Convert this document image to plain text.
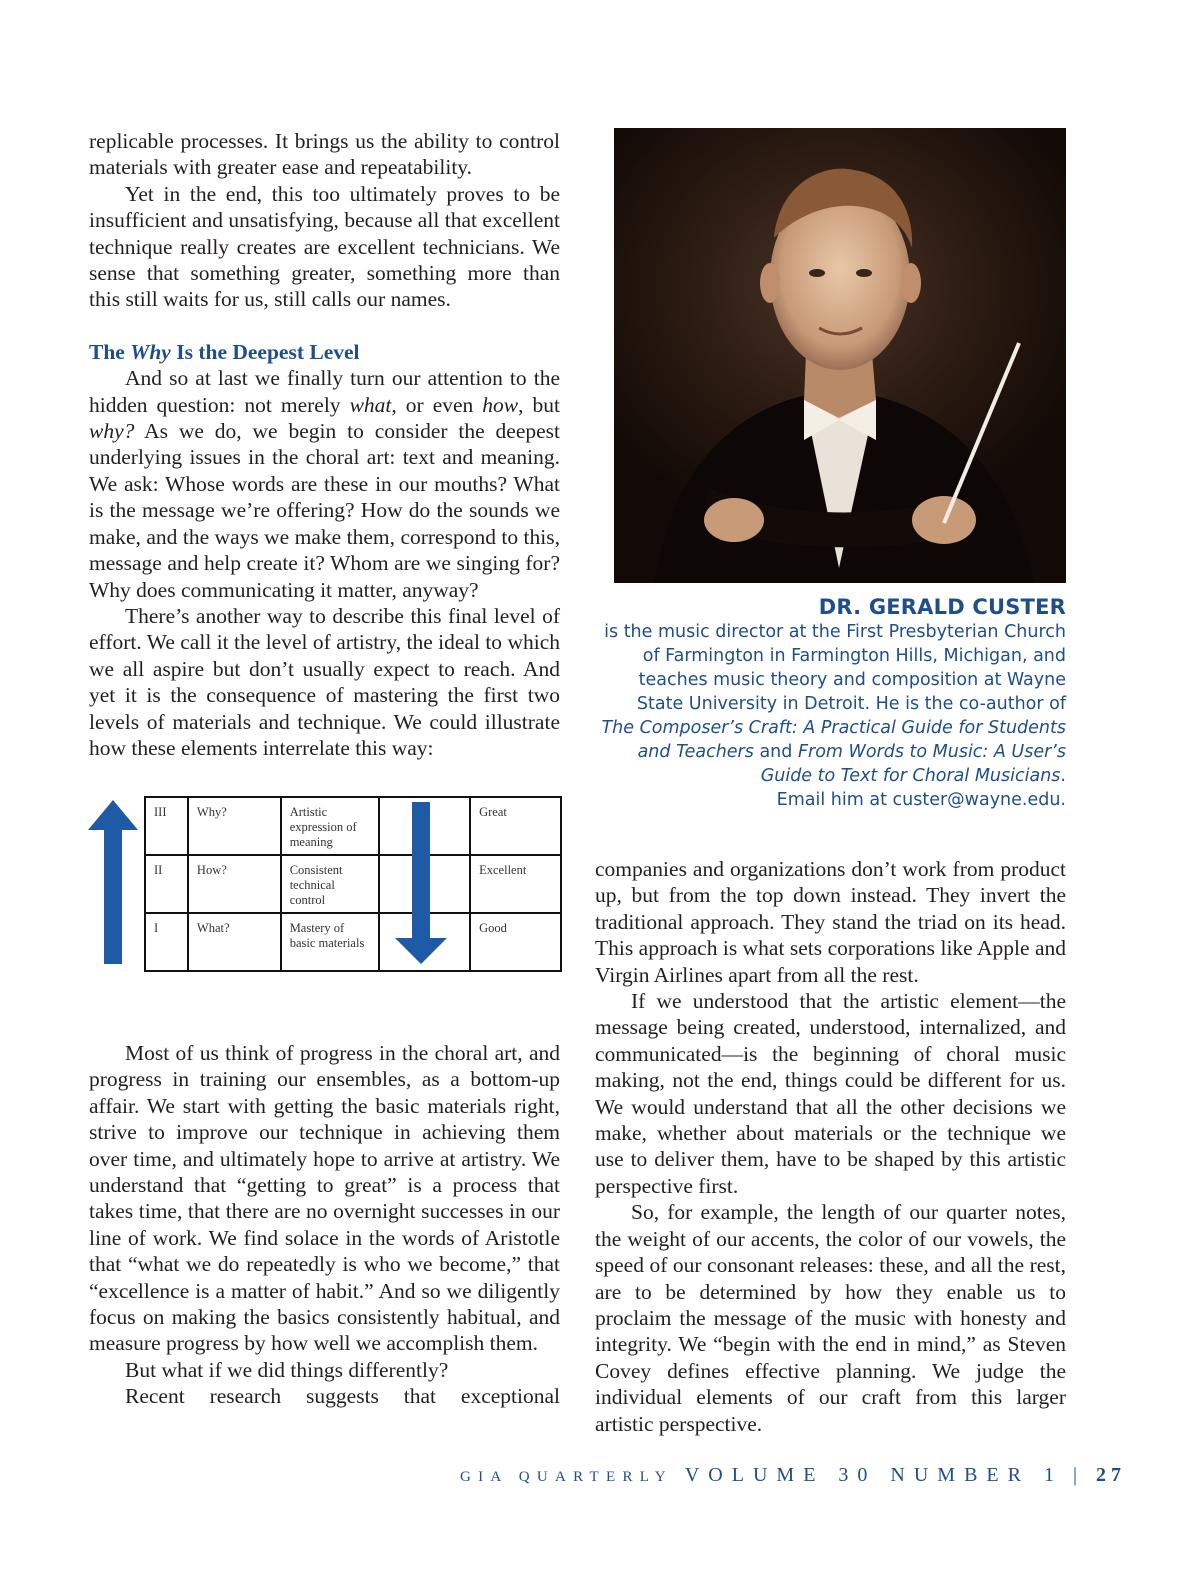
replicable processes. It brings us the ability to control materials with greater ease and repeatability.

Yet in the end, this too ultimately proves to be insufficient and unsatisfying, because all that excellent technique really creates are excellent technicians. We sense that something greater, something more than this still waits for us, still calls our names.

The Why Is the Deepest Level

And so at last we finally turn our attention to the hidden question: not merely what, or even how, but why? As we do, we begin to consider the deepest underlying issues in the choral art: text and meaning. We ask: Whose words are these in our mouths? What is the message we’re offering? How do the sounds we make, and the ways we make them, correspond to this, message and help create it? Whom are we singing for? Why does communicating it matter, anyway?

There’s another way to describe this final level of effort. We call it the level of artistry, the ideal to which we all aspire but don’t usually expect to reach. And yet it is the consequence of mastering the first two levels of materials and technique. We could illustrate how these elements interrelate this way:

III	Why?	Artistic expression of meaning		Great
II	How?	Consistent technical control		Excellent
I	What?	Mastery of basic materials		Good

Most of us think of progress in the choral art, and progress in training our ensembles, as a bottom-up affair. We start with getting the basic materials right, strive to improve our technique in achieving them over time, and ultimately hope to arrive at artistry. We understand that “getting to great” is a process that takes time, that there are no overnight successes in our line of work. We find solace in the words of Aristotle that “what we do repeatedly is who we become,” that “excellence is a matter of habit.” And so we diligently focus on making the basics consistently habitual, and measure progress by how well we accomplish them.

But what if we did things differently?

Recent research suggests that exceptional

DR. GERALD CUSTER
is the music director at the First Presbyterian Church of Farmington in Farmington Hills, Michigan, and teaches music theory and composition at Wayne State University in Detroit. He is the co-author of The Composer’s Craft: A Practical Guide for Students and Teachers and From Words to Music: A User’s Guide to Text for Choral Musicians.
Email him at custer@wayne.edu.

companies and organizations don’t work from product up, but from the top down instead. They invert the traditional approach. They stand the triad on its head. This approach is what sets corporations like Apple and Virgin Airlines apart from all the rest.

If we understood that the artistic element—the message being created, understood, internalized, and communicated—is the beginning of choral music making, not the end, things could be different for us. We would understand that all the other decisions we make, whether about materials or the technique we use to deliver them, have to be shaped by this artistic perspective first.

So, for example, the length of our quarter notes, the weight of our accents, the color of our vowels, the speed of our consonant releases: these, and all the rest, are to be determined by how they enable us to proclaim the message of the music with honesty and integrity. We “begin with the end in mind,” as Steven Covey defines effective planning. We judge the individual elements of our craft from this larger artistic perspective.

GIA QUARTERLY VOLUME 30 NUMBER 1 | 27
